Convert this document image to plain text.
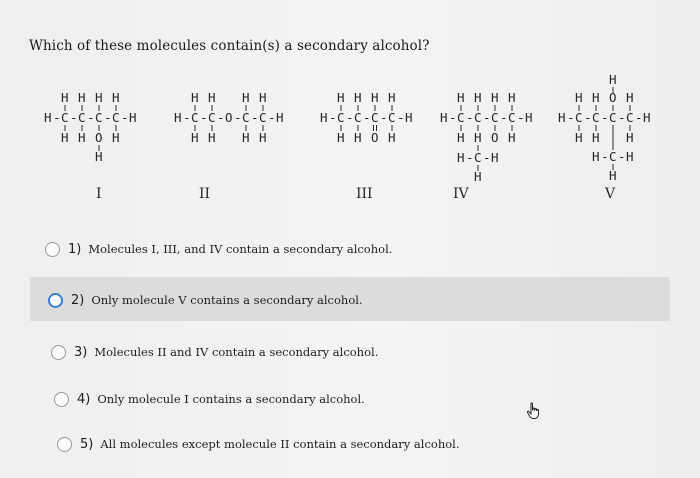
Which of these molecules contain(s) a secondary alcohol?
H H H H
H - C - C - C - C - H
H H O H
H
H H H H
H - C - C - O - C - C - H
H H H H
H H H H
H - C - C - C - C - H
H H O H
H H H H
H - C - C - C - C - H
H H O H
H - C - H
H
H
H H O H
H - C - C - C - C - H
H H H
H - C - H
H
I	II	III	IV	V
1) Molecules I, III, and IV contain a secondary alcohol.
2) Only molecule V contains a secondary alcohol.
3) Molecules II and IV contain a secondary alcohol.
4) Only molecule I contains a secondary alcohol.
5) All molecules except molecule II contain a secondary alcohol.
